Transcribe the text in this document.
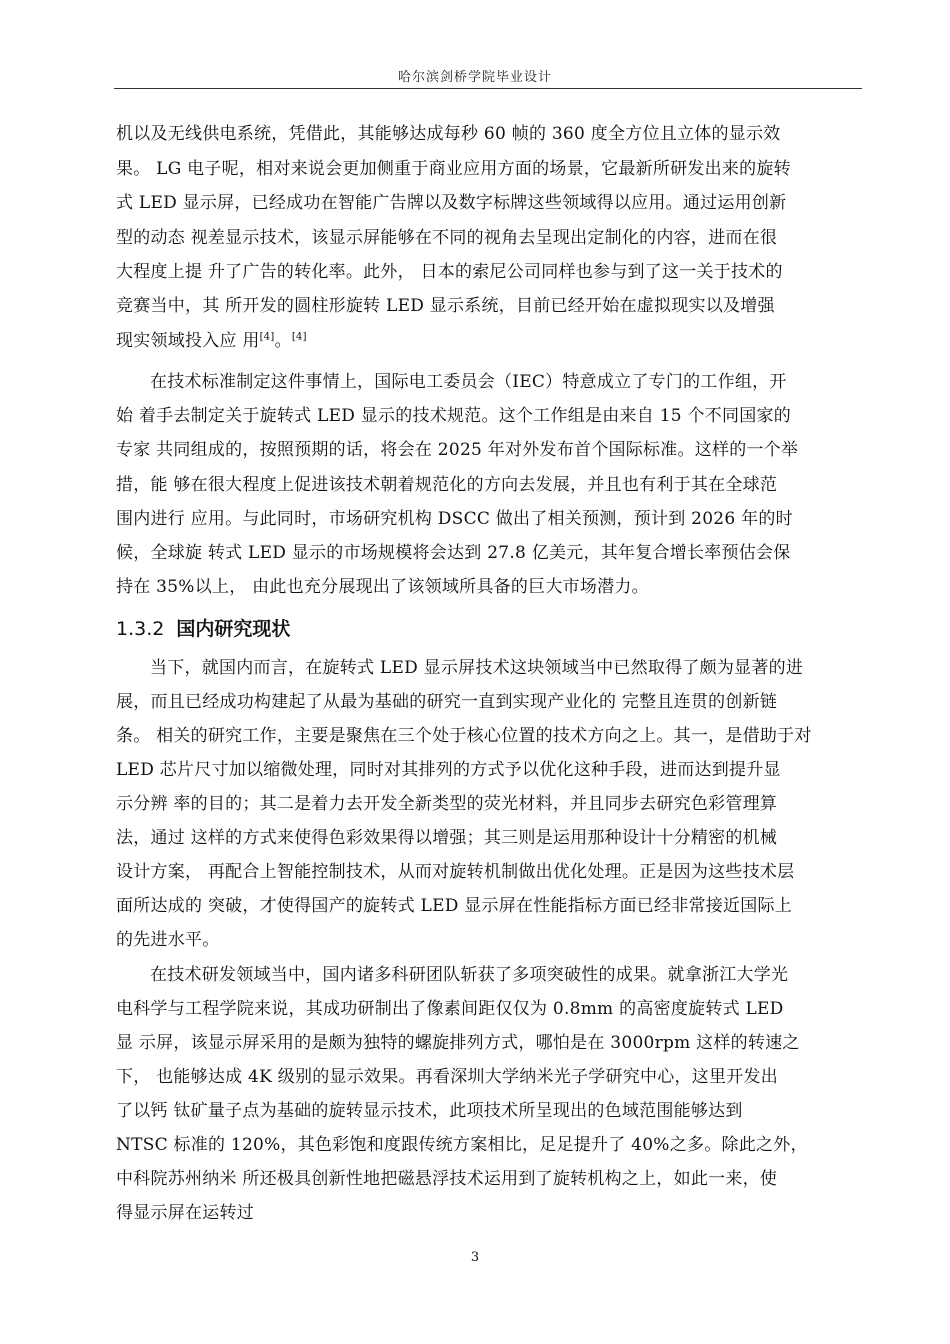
哈尔滨剑桥学院毕业设计
机以及无线供电系统，凭借此，其能够达成每秒 60 帧的 360 度全方位且立体的显示效
果。 LG 电子呢，相对来说会更加侧重于商业应用方面的场景，它最新所研发出来的旋转
式 LED 显示屏，已经成功在智能广告牌以及数字标牌这些领域得以应用。通过运用创新
型的动态 视差显示技术，该显示屏能够在不同的视角去呈现出定制化的内容，进而在很
大程度上提 升了广告的转化率。此外， 日本的索尼公司同样也参与到了这一关于技术的
竞赛当中，其 所开发的圆柱形旋转 LED 显示系统，目前已经开始在虚拟现实以及增强
现实领域投入应 用[4]。[4]
在技术标准制定这件事情上，国际电工委员会（IEC）特意成立了专门的工作组，开
始 着手去制定关于旋转式 LED 显示的技术规范。这个工作组是由来自 15 个不同国家的
专家 共同组成的，按照预期的话，将会在 2025 年对外发布首个国际标准。这样的一个举
措，能 够在很大程度上促进该技术朝着规范化的方向去发展，并且也有利于其在全球范
围内进行 应用。与此同时，市场研究机构 DSCC 做出了相关预测，预计到 2026 年的时
候，全球旋 转式 LED 显示的市场规模将会达到 27.8 亿美元，其年复合增长率预估会保
持在 35%以上， 由此也充分展现出了该领域所具备的巨大市场潜力。
1.3.2 国内研究现状
当下，就国内而言，在旋转式 LED 显示屏技术这块领域当中已然取得了颇为显著的进
展，而且已经成功构建起了从最为基础的研究一直到实现产业化的 完整且连贯的创新链
条。 相关的研究工作，主要是聚焦在三个处于核心位置的技术方向之上。其一，是借助于对
LED 芯片尺寸加以缩微处理，同时对其排列的方式予以优化这种手段，进而达到提升显
示分辨 率的目的；其二是着力去开发全新类型的荧光材料，并且同步去研究色彩管理算
法，通过 这样的方式来使得色彩效果得以增强；其三则是运用那种设计十分精密的机械
设计方案， 再配合上智能控制技术，从而对旋转机制做出优化处理。正是因为这些技术层
面所达成的 突破，才使得国产的旋转式 LED 显示屏在性能指标方面已经非常接近国际上
的先进水平。
在技术研发领域当中，国内诸多科研团队斩获了多项突破性的成果。就拿浙江大学光
电科学与工程学院来说，其成功研制出了像素间距仅仅为 0.8mm 的高密度旋转式 LED
显 示屏，该显示屏采用的是颇为独特的螺旋排列方式，哪怕是在 3000rpm 这样的转速之
下， 也能够达成 4K 级别的显示效果。再看深圳大学纳米光子学研究中心，这里开发出
了以钙 钛矿量子点为基础的旋转显示技术，此项技术所呈现出的色域范围能够达到
NTSC 标准的 120%，其色彩饱和度跟传统方案相比，足足提升了 40%之多。除此之外，
中科院苏州纳米 所还极具创新性地把磁悬浮技术运用到了旋转机构之上，如此一来，使
得显示屏在运转过
3
